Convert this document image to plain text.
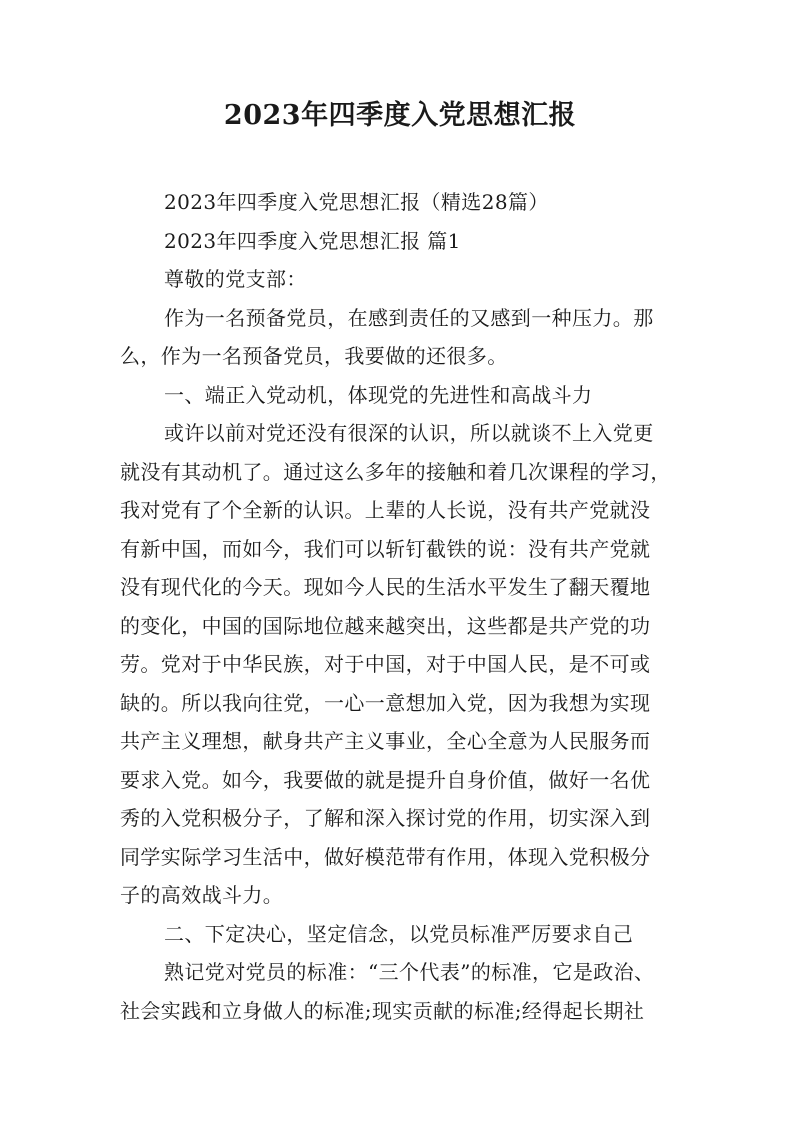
2023年四季度入党思想汇报

2023年四季度入党思想汇报（精选28篇）

2023年四季度入党思想汇报 篇1

尊敬的党支部：

作为一名预备党员，在感到责任的又感到一种压力。那

么，作为一名预备党员，我要做的还很多。

一、端正入党动机，体现党的先进性和高战斗力

或许以前对党还没有很深的认识，所以就谈不上入党更

就没有其动机了。通过这么多年的接触和着几次课程的学习，

我对党有了个全新的认识。上辈的人长说，没有共产党就没

有新中国，而如今，我们可以斩钉截铁的说：没有共产党就

没有现代化的今天。现如今人民的生活水平发生了翻天覆地

的变化，中国的国际地位越来越突出，这些都是共产党的功

劳。党对于中华民族，对于中国，对于中国人民，是不可或

缺的。所以我向往党，一心一意想加入党，因为我想为实现

共产主义理想，献身共产主义事业，全心全意为人民服务而

要求入党。如今，我要做的就是提升自身价值，做好一名优

秀的入党积极分子，了解和深入探讨党的作用，切实深入到

同学实际学习生活中，做好模范带有作用，体现入党积极分

子的高效战斗力。

二、下定决心，坚定信念，以党员标准严厉要求自己

熟记党对党员的标准：“三个代表”的标准，它是政治、

社会实践和立身做人的标准;现实贡献的标准;经得起长期社
